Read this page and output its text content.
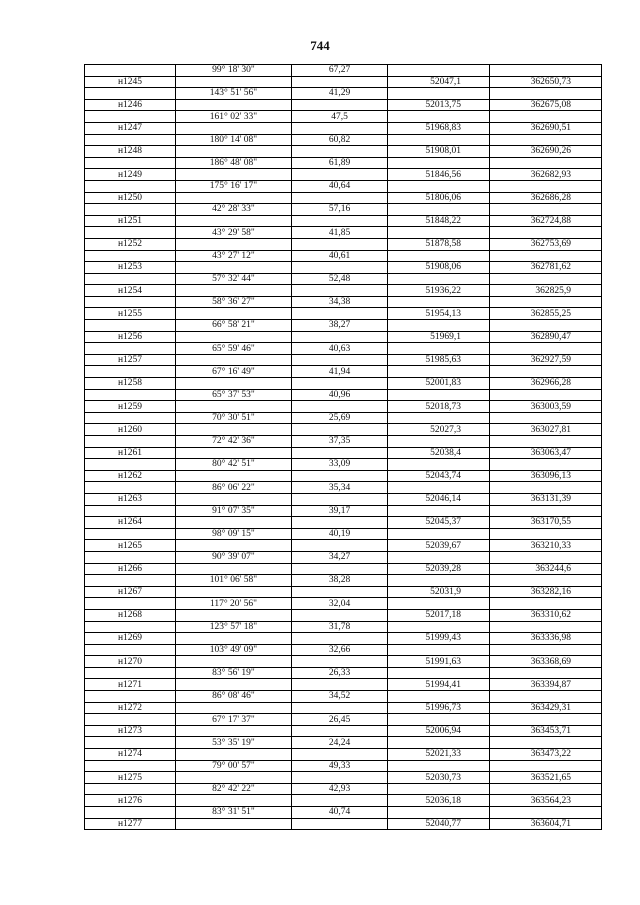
744
	99° 18' 30"	67,27		
н1245			52047,1	362650,73
	143° 51' 56"	41,29		
н1246			52013,75	362675,08
	161° 02' 33"	47,5		
н1247			51968,83	362690,51
	180° 14' 08"	60,82		
н1248			51908,01	362690,26
	186° 48' 08"	61,89		
н1249			51846,56	362682,93
	175° 16' 17"	40,64		
н1250			51806,06	362686,28
	42° 28' 33"	57,16		
н1251			51848,22	362724,88
	43° 29' 58"	41,85		
н1252			51878,58	362753,69
	43° 27' 12"	40,61		
н1253			51908,06	362781,62
	57° 32' 44"	52,48		
н1254			51936,22	362825,9
	58° 36' 27"	34,38		
н1255			51954,13	362855,25
	66° 58' 21"	38,27		
н1256			51969,1	362890,47
	65° 59' 46"	40,63		
н1257			51985,63	362927,59
	67° 16' 49"	41,94		
н1258			52001,83	362966,28
	65° 37' 53"	40,96		
н1259			52018,73	363003,59
	70° 30' 51"	25,69		
н1260			52027,3	363027,81
	72° 42' 36"	37,35		
н1261			52038,4	363063,47
	80° 42' 51"	33,09		
н1262			52043,74	363096,13
	86° 06' 22"	35,34		
н1263			52046,14	363131,39
	91° 07' 35"	39,17		
н1264			52045,37	363170,55
	98° 09' 15"	40,19		
н1265			52039,67	363210,33
	90° 39' 07"	34,27		
н1266			52039,28	363244,6
	101° 06' 58"	38,28		
н1267			52031,9	363282,16
	117° 20' 56"	32,04		
н1268			52017,18	363310,62
	123° 57' 18"	31,78		
н1269			51999,43	363336,98
	103° 49' 09"	32,66		
н1270			51991,63	363368,69
	83° 56' 19"	26,33		
н1271			51994,41	363394,87
	86° 08' 46"	34,52		
н1272			51996,73	363429,31
	67° 17' 37"	26,45		
н1273			52006,94	363453,71
	53° 35' 19"	24,24		
н1274			52021,33	363473,22
	79° 00' 57"	49,33		
н1275			52030,73	363521,65
	82° 42' 22"	42,93		
н1276			52036,18	363564,23
	83° 31' 51"	40,74		
н1277			52040,77	363604,71
